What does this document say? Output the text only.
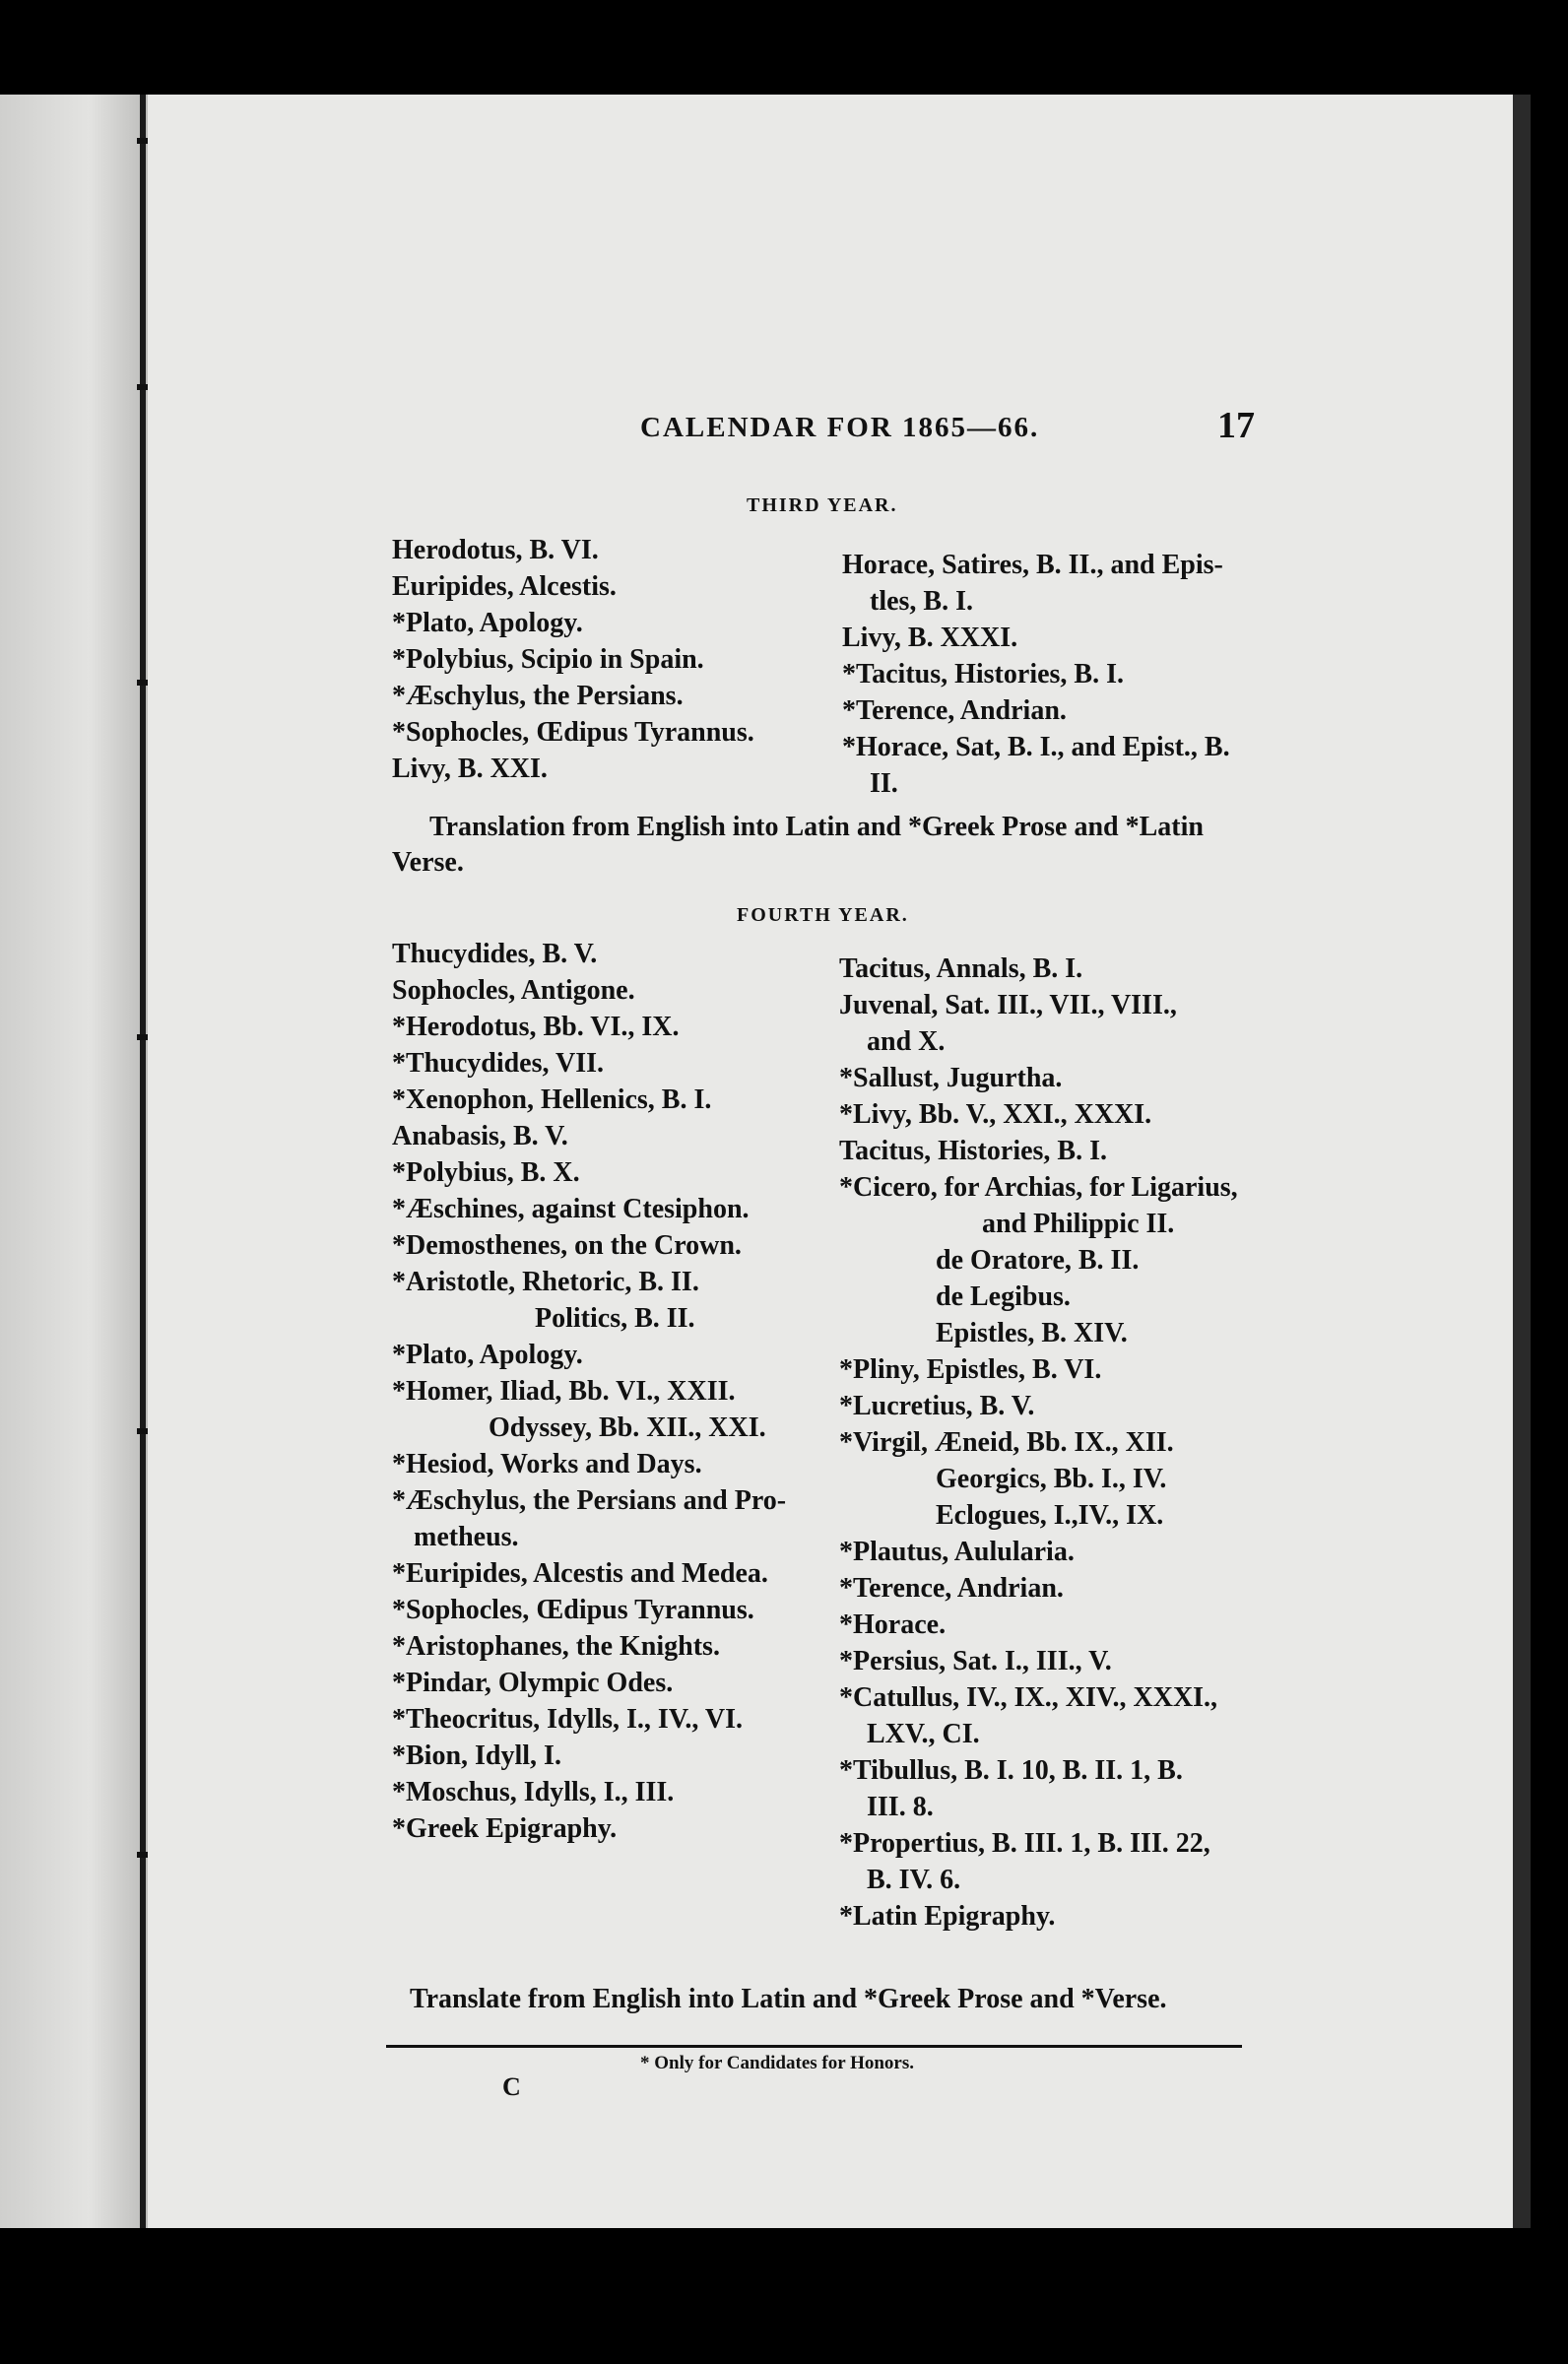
CALENDAR FOR 1865—66.	17
THIRD YEAR.
Herodotus, B. VI.
Euripides, Alcestis.
*Plato, Apology.
*Polybius, Scipio in Spain.
*Æschylus, the Persians.
*Sophocles, Œdipus Tyrannus.
Livy, B. XXI.
Horace, Satires, B. II., and Epis-
tles, B. I.
Livy, B. XXXI.
*Tacitus, Histories, B. I.
*Terence, Andrian.
*Horace, Sat, B. I., and Epist., B.
II.
Translation from English into Latin and *Greek Prose and *Latin
Verse.
FOURTH YEAR.
Thucydides, B. V.
Sophocles, Antigone.
*Herodotus, Bb. VI., IX.
*Thucydides, VII.
*Xenophon, Hellenics, B. I.
Anabasis, B. V.
*Polybius, B. X.
*Æschines, against Ctesiphon.
*Demosthenes, on the Crown.
*Aristotle, Rhetoric, B. II.
Politics, B. II.
*Plato, Apology.
*Homer, Iliad, Bb. VI., XXII.
Odyssey, Bb. XII., XXI.
*Hesiod, Works and Days.
*Æschylus, the Persians and Pro-
metheus.
*Euripides, Alcestis and Medea.
*Sophocles, Œdipus Tyrannus.
*Aristophanes, the Knights.
*Pindar, Olympic Odes.
*Theocritus, Idylls, I., IV., VI.
*Bion, Idyll, I.
*Moschus, Idylls, I., III.
*Greek Epigraphy.
Tacitus, Annals, B. I.
Juvenal, Sat. III., VII., VIII.,
and X.
*Sallust, Jugurtha.
*Livy, Bb. V., XXI., XXXI.
Tacitus, Histories, B. I.
*Cicero, for Archias, for Ligarius,
and Philippic II.
de Oratore, B. II.
de Legibus.
Epistles, B. XIV.
*Pliny, Epistles, B. VI.
*Lucretius, B. V.
*Virgil, Æneid, Bb. IX., XII.
Georgics, Bb. I., IV.
Eclogues, I.,IV., IX.
*Plautus, Aulularia.
*Terence, Andrian.
*Horace.
*Persius, Sat. I., III., V.
*Catullus, IV., IX., XIV., XXXI.,
LXV., CI.
*Tibullus, B. I. 10, B. II. 1, B.
III. 8.
*Propertius, B. III. 1, B. III. 22,
B. IV. 6.
*Latin Epigraphy.
Translate from English into Latin and *Greek Prose and *Verse.
* Only for Candidates for Honors.
C
